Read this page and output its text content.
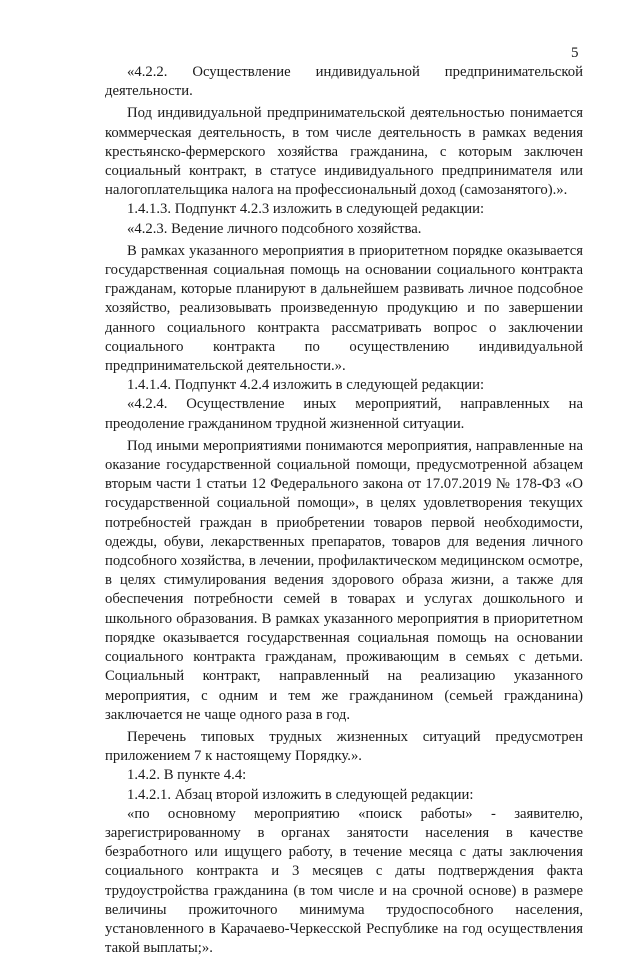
5

«4.2.2. Осуществление индивидуальной предпринимательской деятельности.

Под индивидуальной предпринимательской деятельностью понимается коммерческая деятельность, в том числе деятельность в рамках ведения крестьянско-фермерского хозяйства гражданина, с которым заключен социальный контракт, в статусе индивидуального предпринимателя или налогоплательщика налога на профессиональный доход (самозанятого).».

1.4.1.3. Подпункт 4.2.3 изложить в следующей редакции:

«4.2.3. Ведение личного подсобного хозяйства.

В рамках указанного мероприятия в приоритетном порядке оказывается государственная социальная помощь на основании социального контракта гражданам, которые планируют в дальнейшем развивать личное подсобное хозяйство, реализовывать произведенную продукцию и по завершении данного социального контракта рассматривать вопрос о заключении социального контракта по осуществлению индивидуальной предпринимательской деятельности.».

1.4.1.4. Подпункт 4.2.4 изложить в следующей редакции:

«4.2.4. Осуществление иных мероприятий, направленных на преодоление гражданином трудной жизненной ситуации.

Под иными мероприятиями понимаются мероприятия, направленные на оказание государственной социальной помощи, предусмотренной абзацем вторым части 1 статьи 12 Федерального закона от 17.07.2019 № 178-ФЗ «О государственной социальной помощи», в целях удовлетворения текущих потребностей граждан в приобретении товаров первой необходимости, одежды, обуви, лекарственных препаратов, товаров для ведения личного подсобного хозяйства, в лечении, профилактическом медицинском осмотре, в целях стимулирования ведения здорового образа жизни, а также для обеспечения потребности семей в товарах и услугах дошкольного и школьного образования. В рамках указанного мероприятия в приоритетном порядке оказывается государственная социальная помощь на основании социального контракта гражданам, проживающим в семьях с детьми. Социальный контракт, направленный на реализацию указанного мероприятия, с одним и тем же гражданином (семьей гражданина) заключается не чаще одного раза в год.

Перечень типовых трудных жизненных ситуаций предусмотрен приложением 7 к настоящему Порядку.».

1.4.2. В пункте 4.4:

1.4.2.1. Абзац второй изложить в следующей редакции:

«по основному мероприятию «поиск работы» - заявителю, зарегистрированному в органах занятости населения в качестве безработного или ищущего работу, в течение месяца с даты заключения социального контракта и 3 месяцев с даты подтверждения факта трудоустройства гражданина (в том числе и на срочной основе) в размере величины прожиточного минимума трудоспособного населения, установленного в Карачаево-Черкесской Республике на год осуществления такой выплаты;».
